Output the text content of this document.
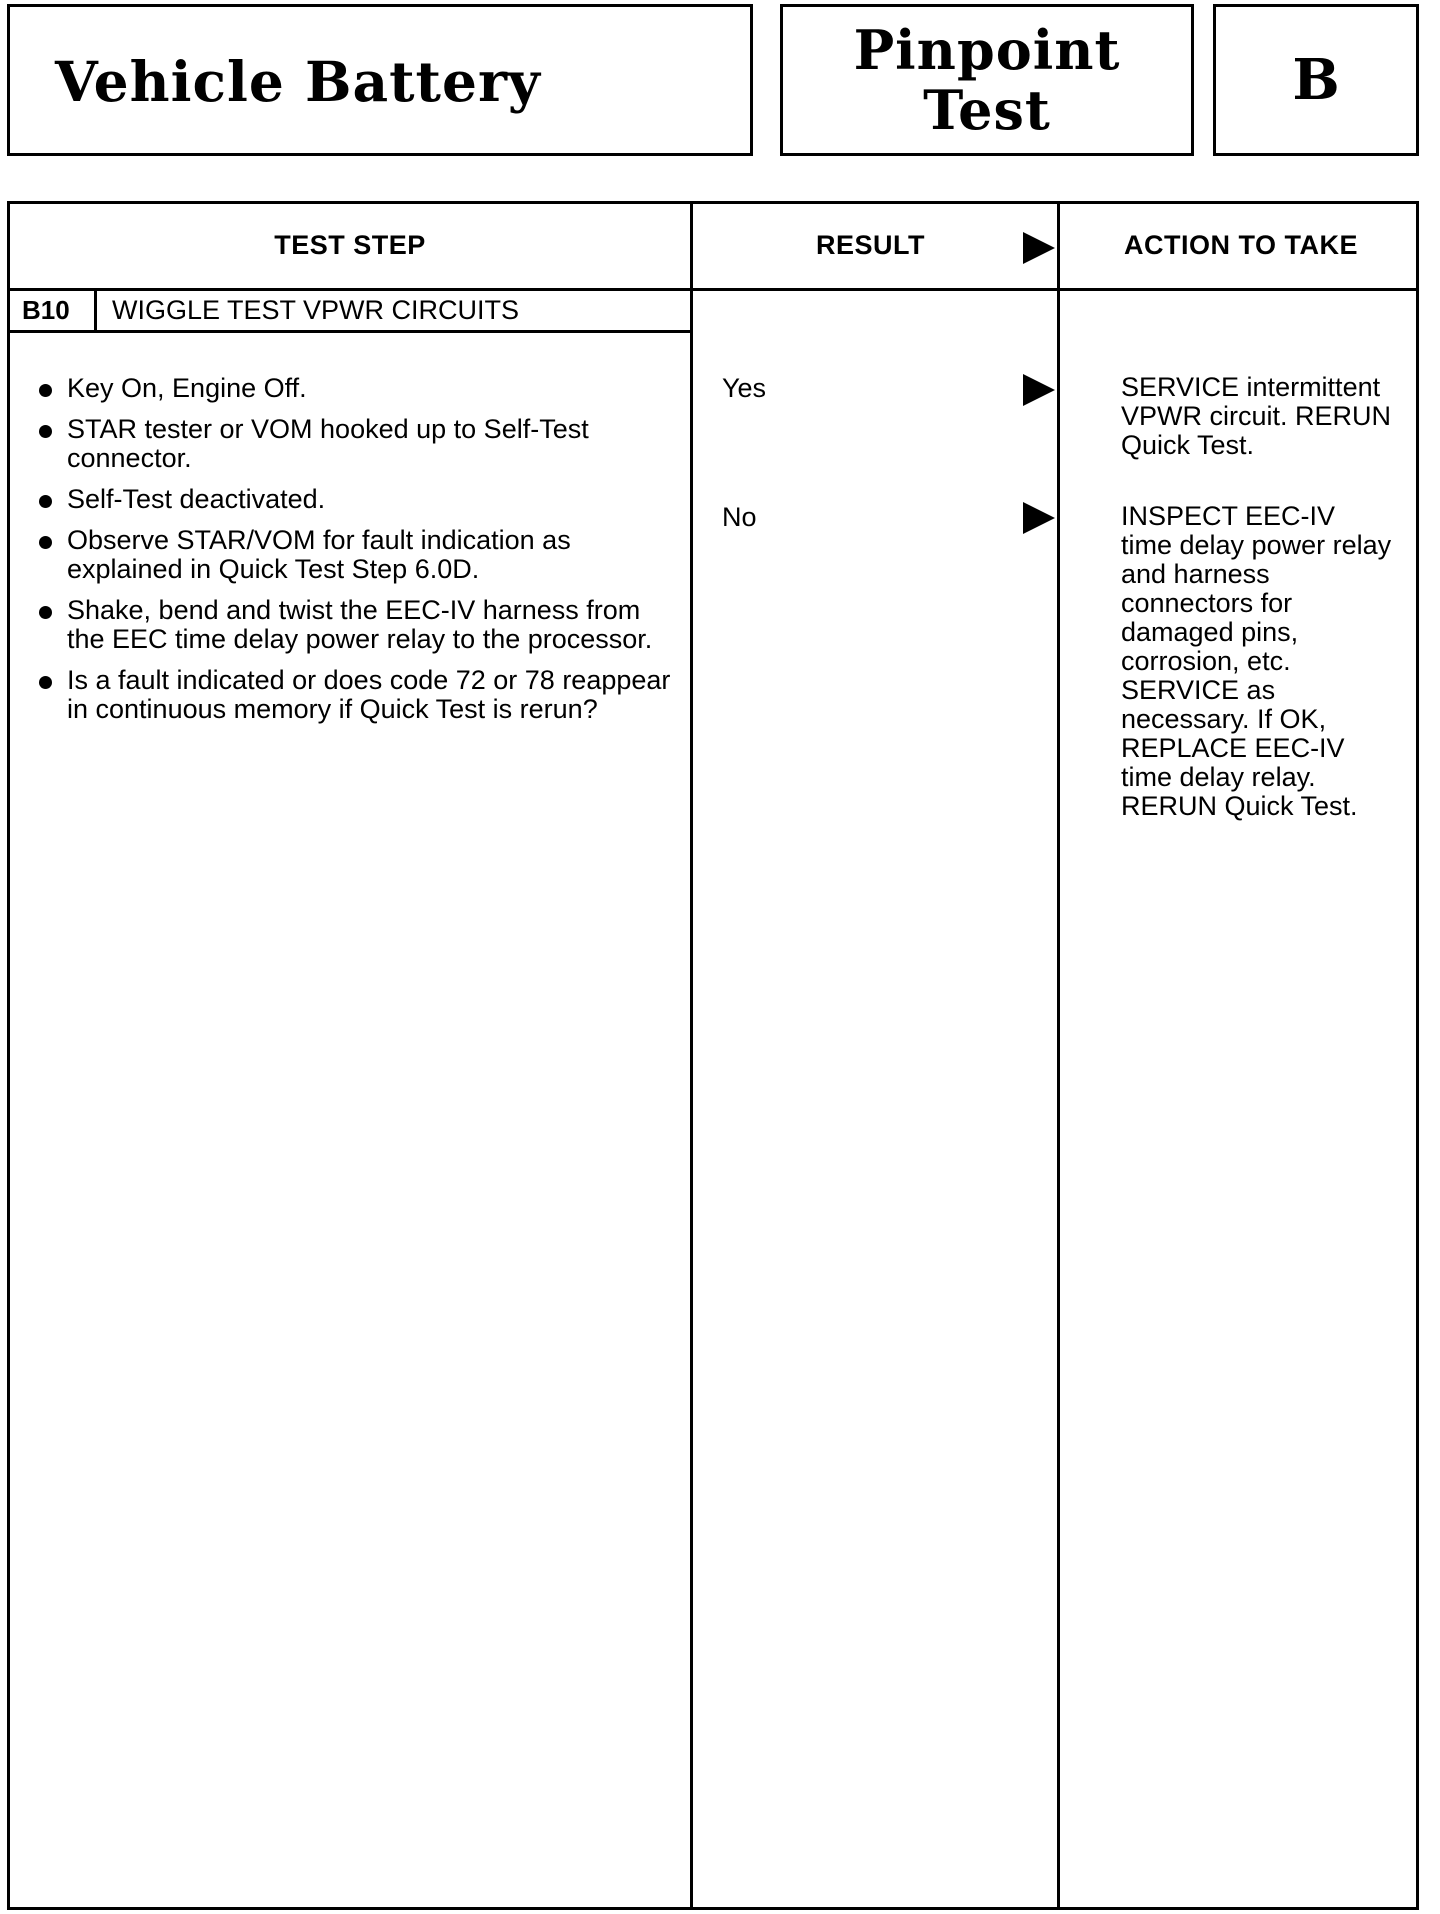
Vehicle Battery	Pinpoint
Test	B
TEST STEP	RESULT	ACTION TO TAKE
B10	WIGGLE TEST VPWR CIRCUITS
Key On, Engine Off.
STAR tester or VOM hooked up to Self-Test connector.
Self-Test deactivated.
Observe STAR/VOM for fault indication as explained in Quick Test Step 6.0D.
Shake, bend and twist the EEC-IV harness from the EEC time delay power relay to the processor.
Is a fault indicated or does code 72 or 78 reappear in continuous memory if Quick Test is rerun?
Yes	SERVICE intermittent
VPWR circuit. RERUN
Quick Test.
No	INSPECT EEC-IV
time delay power relay
and harness
connectors for
damaged pins,
corrosion, etc.
SERVICE as
necessary. If OK,
REPLACE EEC-IV
time delay relay.
RERUN Quick Test.
